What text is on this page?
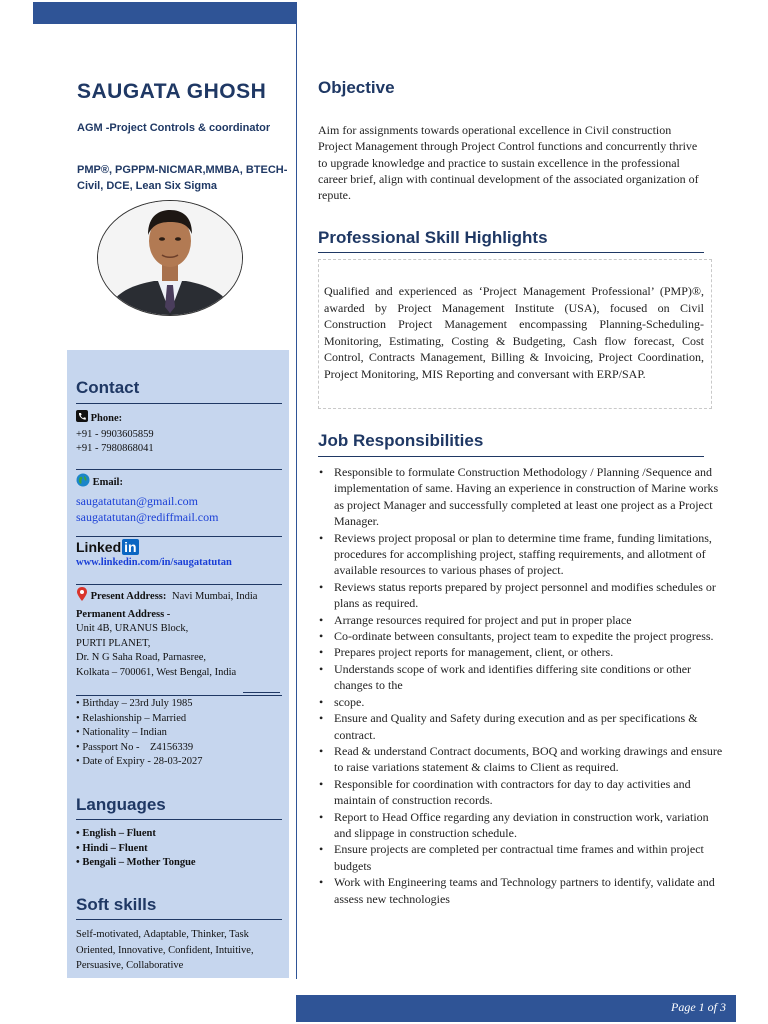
SAUGATA GHOSH

AGM -Project Controls & coordinator

PMP®, PGPPM-NICMAR,MMBA, BTECH- Civil, DCE, Lean Six Sigma

Contact
Phone:
+91 - 9903605859
+91 - 7980868041
Email:
saugatatutan@gmail.com
saugatatutan@rediffmail.com
Linked in
www.linkedin.com/in/saugatatutan
Present Address: Navi Mumbai, India
Permanent Address -
Unit 4B, URANUS Block,
PURTI PLANET,
Dr. N G Saha Road, Parnasree,
Kolkata – 700061, West Bengal, India
• Birthday – 23rd July 1985
• Relashionship – Married
• Nationality – Indian
• Passport No -    Z4156339
• Date of Expiry - 28-03-2027
Languages
• English – Fluent
• Hindi – Fluent
• Bengali – Mother Tongue
Soft skills
Self-motivated, Adaptable, Thinker, Task Oriented, Innovative, Confident, Intuitive, Persuasive, Collaborative
Objective
Aim for assignments towards operational excellence in Civil construction Project Management through Project Control functions and concurrently thrive to upgrade knowledge and practice to sustain excellence in the professional career brief, align with continual development of the associated organization of repute.
Professional Skill Highlights
Qualified and experienced as ‘Project Management Professional’ (PMP)®, awarded by Project Management Institute (USA), focused on Civil Construction Project Management encompassing Planning-Scheduling-Monitoring, Estimating, Costing & Budgeting, Cash flow forecast, Cost Control, Contracts Management, Billing & Invoicing, Project Coordination, Project Monitoring, MIS Reporting and conversant with ERP/SAP.
Job Responsibilities
• Responsible to formulate Construction Methodology / Planning /Sequence and implementation of same. Having an experience in construction of Marine works as project Manager and successfully completed at least one project as a Project Manager.
• Reviews project proposal or plan to determine time frame, funding limitations, procedures for accomplishing project, staffing requirements, and allotment of available resources to various phases of project.
• Reviews status reports prepared by project personnel and modifies schedules or plans as required.
• Arrange resources required for project and put in proper place
• Co-ordinate between consultants, project team to expedite the project progress.
• Prepares project reports for management, client, or others.
• Understands scope of work and identifies differing site conditions or other changes to the
• scope.
• Ensure and Quality and Safety during execution and as per specifications & contract.
• Read & understand Contract documents, BOQ and working drawings and ensure to raise variations statement & claims to Client as required.
• Responsible for coordination with contractors for day to day activities and maintain of construction records.
• Report to Head Office regarding any deviation in construction work, variation and slippage in construction schedule.
• Ensure projects are completed per contractual time frames and within project budgets
• Work with Engineering teams and Technology partners to identify, validate and assess new technologies
Page 1 of 3
